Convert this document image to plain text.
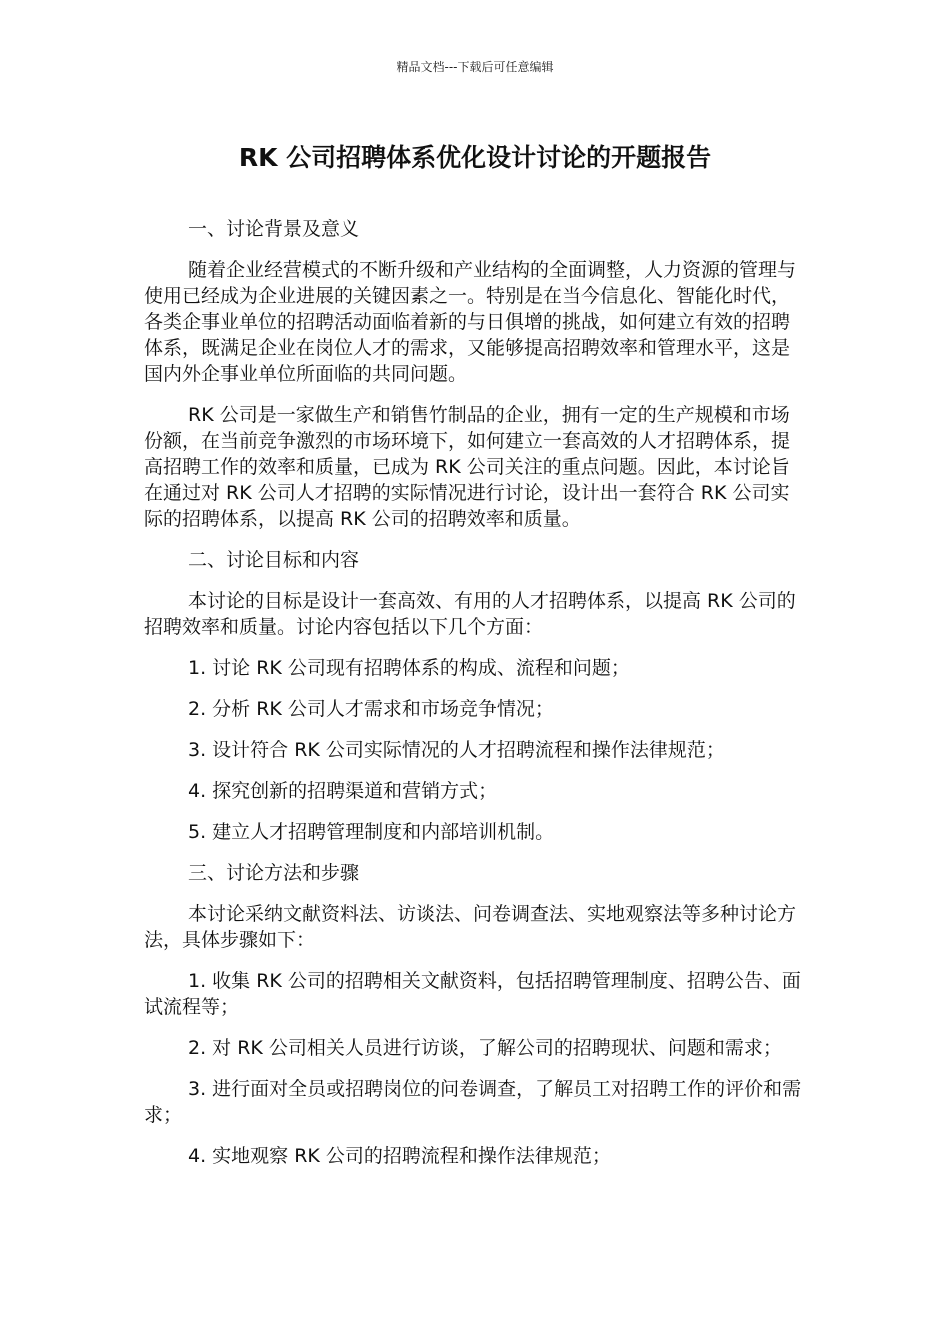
精品文档---下载后可任意编辑
RK 公司招聘体系优化设计讨论的开题报告

一、讨论背景及意义

随着企业经营模式的不断升级和产业结构的全面调整，人力资源的管理与使用已经成为企业进展的关键因素之一。特别是在当今信息化、智能化时代，各类企事业单位的招聘活动面临着新的与日俱增的挑战，如何建立有效的招聘体系，既满足企业在岗位人才的需求，又能够提高招聘效率和管理水平，这是国内外企事业单位所面临的共同问题。

RK 公司是一家做生产和销售竹制品的企业，拥有一定的生产规模和市场份额，在当前竞争激烈的市场环境下，如何建立一套高效的人才招聘体系，提高招聘工作的效率和质量，已成为 RK 公司关注的重点问题。因此，本讨论旨在通过对 RK 公司人才招聘的实际情况进行讨论，设计出一套符合 RK 公司实际的招聘体系，以提高 RK 公司的招聘效率和质量。

二、讨论目标和内容

本讨论的目标是设计一套高效、有用的人才招聘体系，以提高 RK 公司的招聘效率和质量。讨论内容包括以下几个方面：

1. 讨论 RK 公司现有招聘体系的构成、流程和问题；

2. 分析 RK 公司人才需求和市场竞争情况；

3. 设计符合 RK 公司实际情况的人才招聘流程和操作法律规范；

4. 探究创新的招聘渠道和营销方式；

5. 建立人才招聘管理制度和内部培训机制。

三、讨论方法和步骤

本讨论采纳文献资料法、访谈法、问卷调查法、实地观察法等多种讨论方法，具体步骤如下：

1. 收集 RK 公司的招聘相关文献资料，包括招聘管理制度、招聘公告、面试流程等；

2. 对 RK 公司相关人员进行访谈，了解公司的招聘现状、问题和需求；

3. 进行面对全员或招聘岗位的问卷调查，了解员工对招聘工作的评价和需求；

4. 实地观察 RK 公司的招聘流程和操作法律规范；
